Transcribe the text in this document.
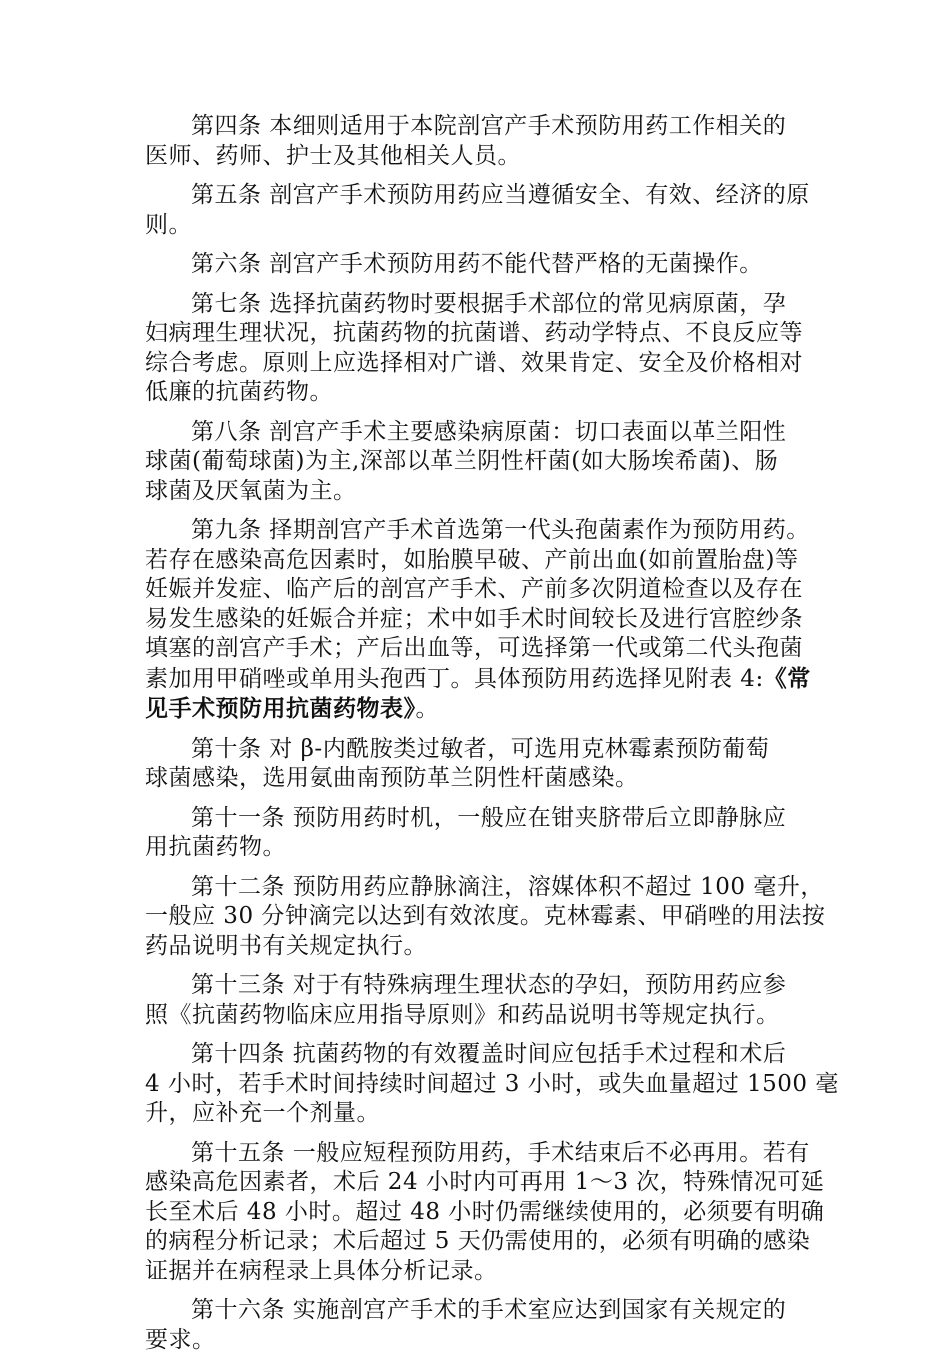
第四条 本细则适用于本院剖宫产手术预防用药工作相关的
医师、药师、护士及其他相关人员。

第五条 剖宫产手术预防用药应当遵循安全、有效、经济的原
则。

第六条 剖宫产手术预防用药不能代替严格的无菌操作。

第七条 选择抗菌药物时要根据手术部位的常见病原菌，孕
妇病理生理状况，抗菌药物的抗菌谱、药动学特点、不良反应等
综合考虑。原则上应选择相对广谱、效果肯定、安全及价格相对
低廉的抗菌药物。

第八条 剖宫产手术主要感染病原菌：切口表面以革兰阳性
球菌(葡萄球菌)为主,深部以革兰阴性杆菌(如大肠埃希菌)、肠
球菌及厌氧菌为主。

第九条 择期剖宫产手术首选第一代头孢菌素作为预防用药。
若存在感染高危因素时，如胎膜早破、产前出血(如前置胎盘)等
妊娠并发症、临产后的剖宫产手术、产前多次阴道检查以及存在
易发生感染的妊娠合并症；术中如手术时间较长及进行宫腔纱条
填塞的剖宫产手术；产后出血等，可选择第一代或第二代头孢菌
素加用甲硝唑或单用头孢西丁。具体预防用药选择见附表 4:《常
见手术预防用抗菌药物表》。

第十条 对 β-内酰胺类过敏者，可选用克林霉素预防葡萄
球菌感染，选用氨曲南预防革兰阴性杆菌感染。

第十一条 预防用药时机，一般应在钳夹脐带后立即静脉应
用抗菌药物。

第十二条 预防用药应静脉滴注，溶媒体积不超过 100 毫升，
一般应 30 分钟滴完以达到有效浓度。克林霉素、甲硝唑的用法按
药品说明书有关规定执行。

第十三条 对于有特殊病理生理状态的孕妇，预防用药应参
照《抗菌药物临床应用指导原则》和药品说明书等规定执行。

第十四条 抗菌药物的有效覆盖时间应包括手术过程和术后
4 小时，若手术时间持续时间超过 3 小时，或失血量超过 1500 毫
升，应补充一个剂量。

第十五条 一般应短程预防用药，手术结束后不必再用。若有
感染高危因素者，术后 24 小时内可再用 1～3 次，特殊情况可延
长至术后 48 小时。超过 48 小时仍需继续使用的，必须要有明确
的病程分析记录；术后超过 5 天仍需使用的，必须有明确的感染
证据并在病程录上具体分析记录。

第十六条 实施剖宫产手术的手术室应达到国家有关规定的
要求。
